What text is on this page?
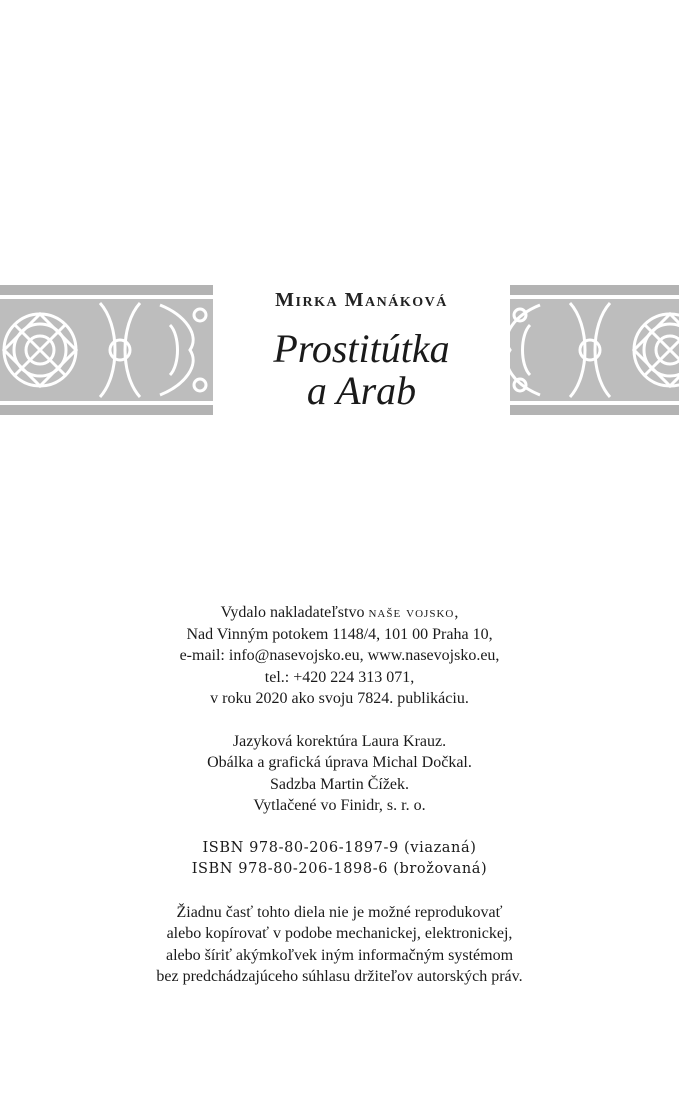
Mirka Manáková
Prostitútka
a Arab
Vydalo nakladateľstvo naše vojsko,
Nad Vinným potokem 1148/4, 101 00 Praha 10,
e-mail: info@nasevojsko.eu, www.nasevojsko.eu,
tel.: +420 224 313 071,
v roku 2020 ako svoju 7824. publikáciu.
Jazyková korektúra Laura Krauz.
Obálka a grafická úprava Michal Dočkal.
Sadzba Martin Čížek.
Vytlačené vo Finidr, s. r. o.
ISBN 978-80-206-1897-9 (viazaná)
ISBN 978-80-206-1898-6 (brožovaná)
Žiadnu časť tohto diela nie je možné reprodukovať
alebo kopírovať v podobe mechanickej, elektronickej,
alebo šíriť akýmkoľvek iným informačným systémom
bez predchádzajúceho súhlasu držiteľov autorských práv.
